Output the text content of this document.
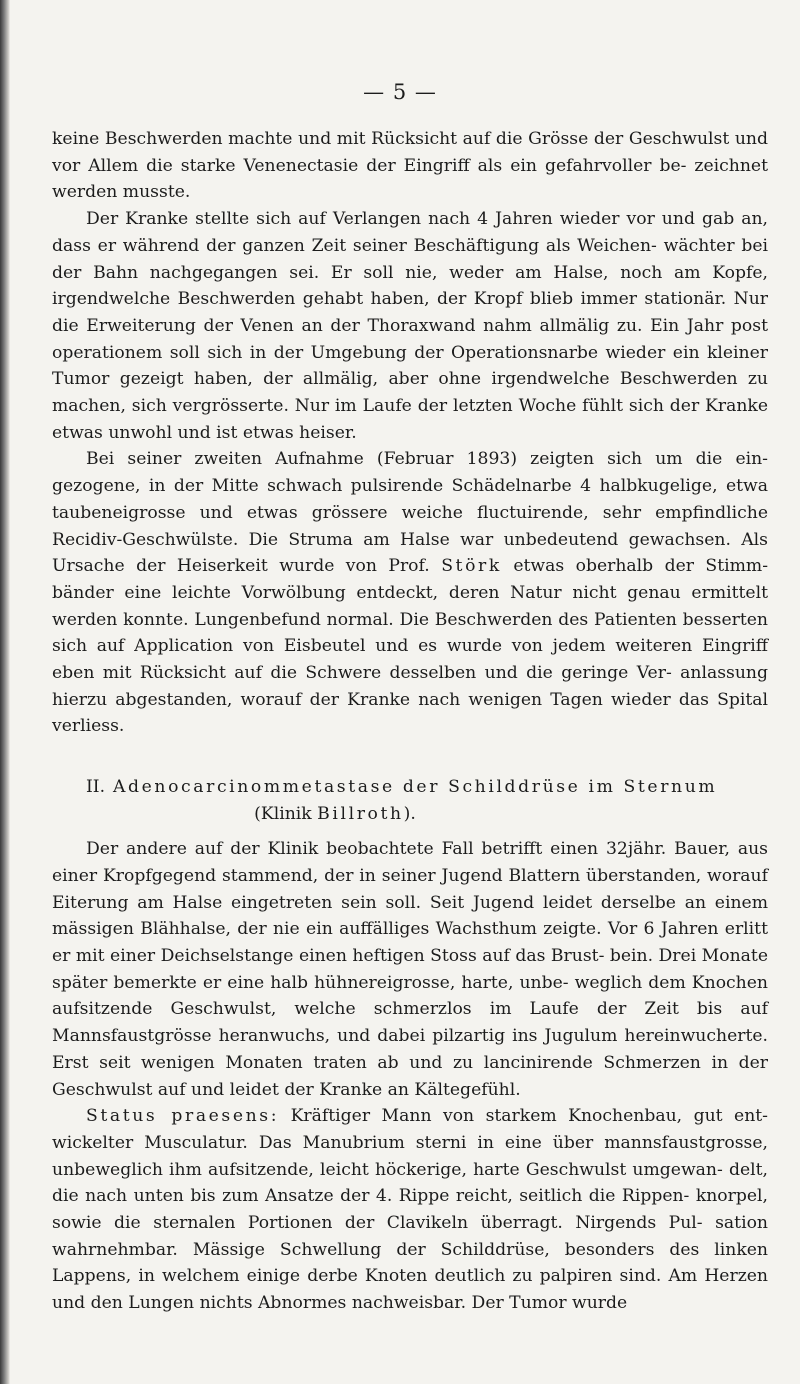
— 5 —

keine Beschwerden machte und mit Rücksicht auf die Grösse der Geschwulst und vor Allem die starke Venenectasie der Eingriff als ein gefahrvoller be- zeichnet werden musste.

Der Kranke stellte sich auf Verlangen nach 4 Jahren wieder vor und gab an, dass er während der ganzen Zeit seiner Beschäftigung als Weichen- wächter bei der Bahn nachgegangen sei. Er soll nie, weder am Halse, noch am Kopfe, irgendwelche Beschwerden gehabt haben, der Kropf blieb immer stationär. Nur die Erweiterung der Venen an der Thoraxwand nahm allmälig zu. Ein Jahr post operationem soll sich in der Umgebung der Operationsnarbe wieder ein kleiner Tumor gezeigt haben, der allmälig, aber ohne irgendwelche Beschwerden zu machen, sich vergrösserte. Nur im Laufe der letzten Woche fühlt sich der Kranke etwas unwohl und ist etwas heiser.

Bei seiner zweiten Aufnahme (Februar 1893) zeigten sich um die ein- gezogene, in der Mitte schwach pulsirende Schädelnarbe 4 halbkugelige, etwa taubeneigrosse und etwas grössere weiche fluctuirende, sehr empfindliche Recidiv-Geschwülste. Die Struma am Halse war unbedeutend gewachsen. Als Ursache der Heiserkeit wurde von Prof. Störk etwas oberhalb der Stimm- bänder eine leichte Vorwölbung entdeckt, deren Natur nicht genau ermittelt werden konnte. Lungenbefund normal. Die Beschwerden des Patienten besserten sich auf Application von Eisbeutel und es wurde von jedem weiteren Eingriff eben mit Rücksicht auf die Schwere desselben und die geringe Ver- anlassung hierzu abgestanden, worauf der Kranke nach wenigen Tagen wieder das Spital verliess.

II. Adenocarcinommetastase der Schilddrüse im Sternum
(Klinik Billroth).

Der andere auf der Klinik beobachtete Fall betrifft einen 32jähr. Bauer, aus einer Kropfgegend stammend, der in seiner Jugend Blattern überstanden, worauf Eiterung am Halse eingetreten sein soll. Seit Jugend leidet derselbe an einem mässigen Blähhalse, der nie ein auffälliges Wachsthum zeigte. Vor 6 Jahren erlitt er mit einer Deichselstange einen heftigen Stoss auf das Brust- bein. Drei Monate später bemerkte er eine halb hühnereigrosse, harte, unbe- weglich dem Knochen aufsitzende Geschwulst, welche schmerzlos im Laufe der Zeit bis auf Mannsfaustgrösse heranwuchs, und dabei pilzartig ins Jugulum hereinwucherte. Erst seit wenigen Monaten traten ab und zu lancinirende Schmerzen in der Geschwulst auf und leidet der Kranke an Kältegefühl.

Status praesens: Kräftiger Mann von starkem Knochenbau, gut ent- wickelter Musculatur. Das Manubrium sterni in eine über mannsfaustgrosse, unbeweglich ihm aufsitzende, leicht höckerige, harte Geschwulst umgewan- delt, die nach unten bis zum Ansatze der 4. Rippe reicht, seitlich die Rippen- knorpel, sowie die sternalen Portionen der Clavikeln überragt. Nirgends Pul- sation wahrnehmbar. Mässige Schwellung der Schilddrüse, besonders des linken Lappens, in welchem einige derbe Knoten deutlich zu palpiren sind. Am Herzen und den Lungen nichts Abnormes nachweisbar. Der Tumor wurde
